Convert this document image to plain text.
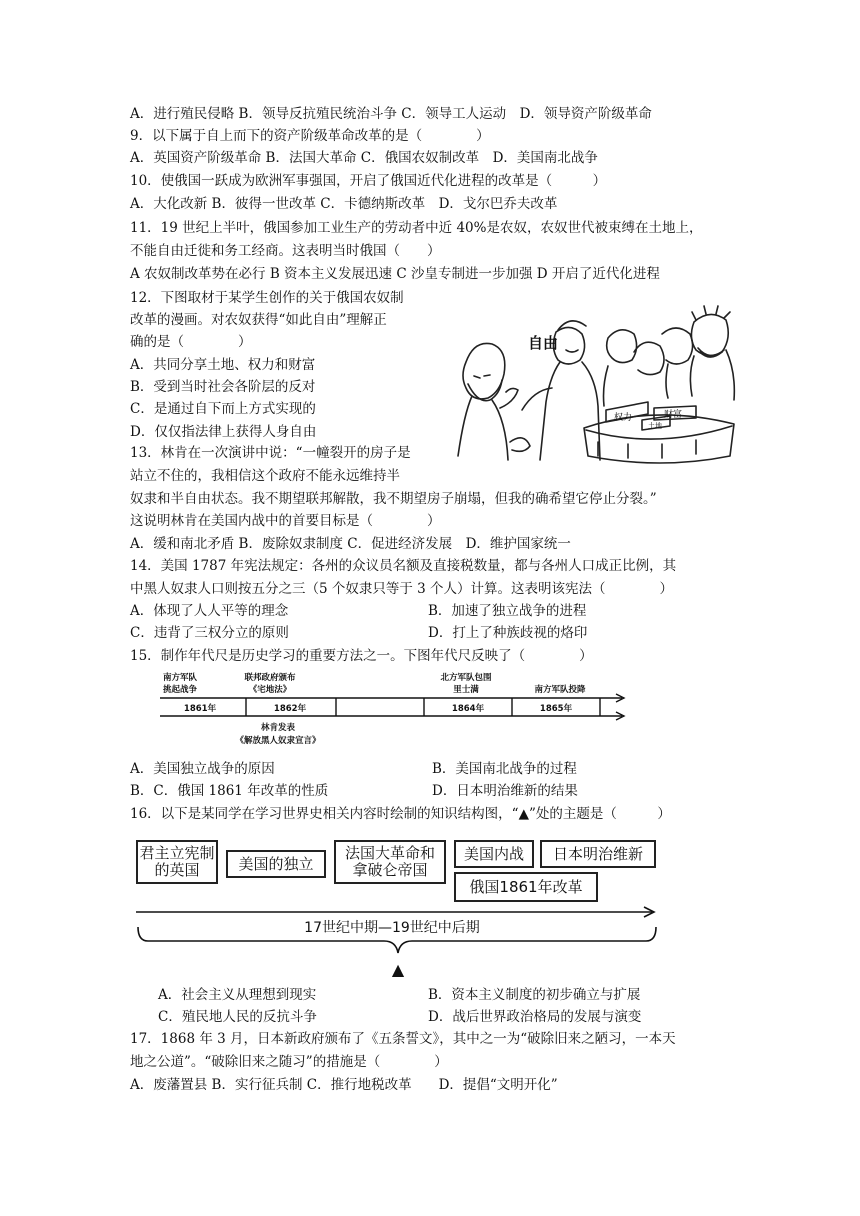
A．进行殖民侵略 B．领导反抗殖民统治斗争 C．领导工人运动　D．领导资产阶级革命
9．以下属于自上而下的资产阶级革命改革的是（　　　　）
A．英国资产阶级革命 B．法国大革命 C．俄国农奴制改革　D．美国南北战争
10．使俄国一跃成为欧洲军事强国，开启了俄国近代化进程的改革是（　　　）
A．大化改新 B．彼得一世改革 C．卡德纳斯改革　D．戈尔巴乔夫改革
11．19 世纪上半叶，俄国参加工业生产的劳动者中近 40%是农奴，农奴世代被束缚在土地上，
不能自由迁徙和务工经商。这表明当时俄国（　　）
A 农奴制改革势在必行 B 资本主义发展迅速 C 沙皇专制进一步加强 D 开启了近代化进程
12．下图取材于某学生创作的关于俄国农奴制
改革的漫画。对农奴获得“如此自由”理解正
确的是（　　　　）
A．共同分享土地、权力和财富
B．受到当时社会各阶层的反对
C．是通过自下而上方式实现的
D．仅仅指法律上获得人身自由
自由
权力	财富
土地
13．林肯在一次演讲中说：“一幢裂开的房子是
站立不住的，我相信这个政府不能永远维持半
奴隶和半自由状态。我不期望联邦解散，我不期望房子崩塌，但我的确希望它停止分裂。”
这说明林肯在美国内战中的首要目标是（　　　　）
A．缓和南北矛盾 B．废除奴隶制度 C．促进经济发展　D．维护国家统一
14．美国 1787 年宪法规定：各州的众议员名额及直接税数量，都与各州人口成正比例，其
中黑人奴隶人口则按五分之三（5 个奴隶只等于 3 个人）计算。这表明该宪法（　　　　）
A．体现了人人平等的理念	B．加速了独立战争的进程
C．违背了三权分立的原则	D．打上了种族歧视的烙印
15．制作年代尺是历史学习的重要方法之一。下图年代尺反映了（　　　　）
南方军队
挑起战争
联邦政府颁布
《宅地法》
北方军队包围
里士满	南方军队投降
1861年	1862年	1864年	1865年
林肯发表
《解放黑人奴隶宣言》
A．美国独立战争的原因	B．美国南北战争的过程
B．C．俄国 1861 年改革的性质	D．日本明治维新的结果
16．以下是某同学在学习世界史相关内容时绘制的知识结构图，“▲”处的主题是（　　　）
君主立宪制的英国	美国的独立
法国大革命和拿破仑帝国
美国内战	日本明治维新
俄国1861年改革
17世纪中期—19世纪中后期
▲
A．社会主义从理想到现实	B．资本主义制度的初步确立与扩展
C．殖民地人民的反抗斗争	D．战后世界政治格局的发展与演变
17．1868 年 3 月，日本新政府颁布了《五条誓文》，其中之一为“破除旧来之陋习，一本天
地之公道”。“破除旧来之随习”的措施是（　　　　）
A．废藩置县 B．实行征兵制 C．推行地税改革　　D．提倡“文明开化”
